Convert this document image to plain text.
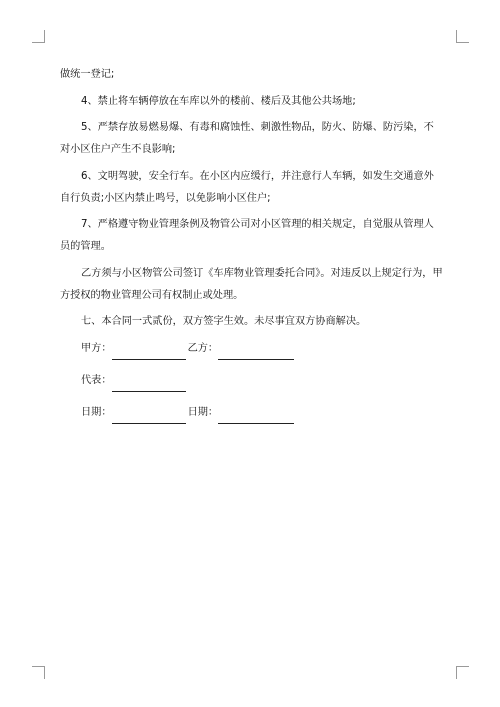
做统一登记;

4、禁止将车辆停放在车库以外的楼前、楼后及其他公共场地;

5、严禁存放易燃易爆、有毒和腐蚀性、刺激性物品，防火、防爆、防污染，不对小区住户产生不良影响;

6、文明驾驶，安全行车。在小区内应缓行，并注意行人车辆，如发生交通意外自行负责;小区内禁止鸣号，以免影响小区住户;

7、严格遵守物业管理条例及物管公司对小区管理的相关规定，自觉服从管理人员的管理。

乙方须与小区物管公司签订《车库物业管理委托合同》。对违反以上规定行为，甲方授权的物业管理公司有权制止或处理。

七、本合同一式贰份，双方签字生效。未尽事宜双方协商解决。

甲方：	乙方：
代表：
日期：	日期：
